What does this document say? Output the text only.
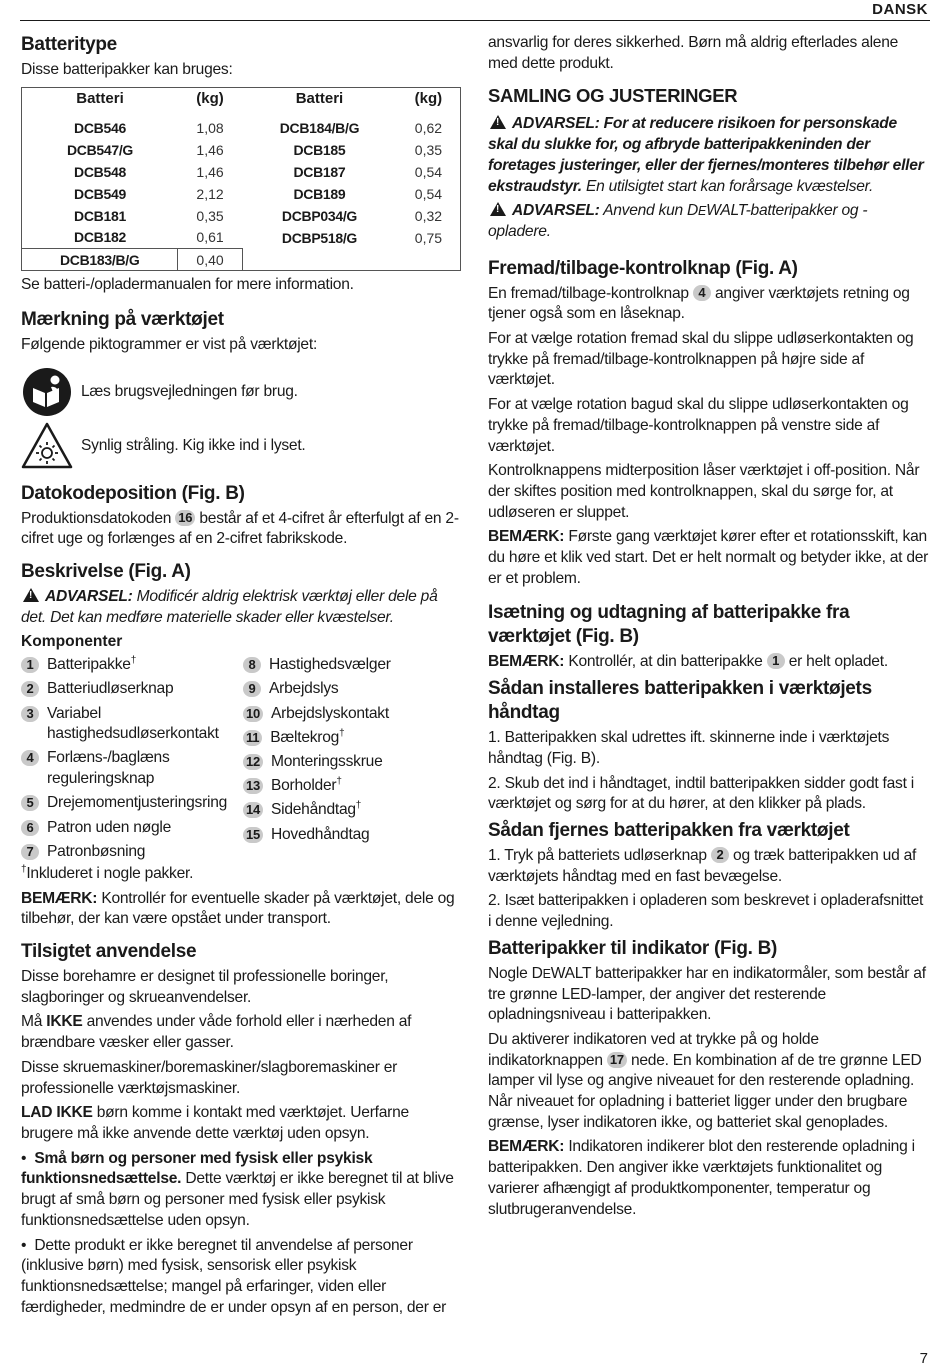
DANSK
Batteritype

Disse batteripakker kan bruges:

Batteri	(kg)	Batteri	(kg)
DCB546	1,08	DCB184/B/G	0,62
DCB547/G	1,46	DCB185	0,35
DCB548	1,46	DCB187	0,54
DCB549	2,12	DCB189	0,54
DCB181	0,35	DCBP034/G	0,32
DCB182	0,61	DCBP518/G	0,75
DCB183/B/G	0,40		

Se batteri-/opladermanualen for mere information.

Mærkning på værktøjet

Følgende piktogrammer er vist på værktøjet:

Læs brugsvejledningen før brug.
Synlig stråling. Kig ikke ind i lyset.
Datokodeposition (Fig. B)

Produktionsdatokoden 16 består af et 4-cifret år efterfulgt af en 2-cifret uge og forlænges af en 2-cifret fabrikskode.

Beskrivelse (Fig. A)

!ADVARSEL: Modificér aldrig elektrisk værktøj eller dele på det. Det kan medføre materielle skader eller kvæstelser.

Komponenter
1 Batteripakke†
2 Batteriudløserknap
3 Variabel hastighedsudløserkontakt
4 Forlæns-/baglæns reguleringsknap
5 Drejemomentjusteringsring
6 Patron uden nøgle
7 Patronbøsning
8 Hastighedsvælger
9 Arbejdslys
10 Arbejdslyskontakt
11 Bæltekrog†
12 Monteringsskrue
13 Borholder†
14 Sidehåndtag†
15 Hovedhåndtag

†Inkluderet i nogle pakker.

BEMÆRK: Kontrollér for eventuelle skader på værktøjet, dele og tilbehør, der kan være opstået under transport.

Tilsigtet anvendelse

Disse borehamre er designet til professionelle boringer, slagboringer og skrueanvendelser.

Må IKKE anvendes under våde forhold eller i nærheden af brændbare væsker eller gasser.

Disse skruemaskiner/boremaskiner/slagboremaskiner er professionelle værktøjsmaskiner.

LAD IKKE børn komme i kontakt med værktøjet. Uerfarne brugere må ikke anvende dette værktøj uden opsyn.

•  Små børn og personer med fysisk eller psykisk funktionsnedsættelse. Dette værktøj er ikke beregnet til at blive brugt af små børn og personer med fysisk eller psykisk funktionsnedsættelse uden opsyn.

•  Dette produkt er ikke beregnet til anvendelse af personer (inklusive børn) med fysisk, sensorisk eller psykisk funktionsnedsættelse; mangel på erfaringer, viden eller færdigheder, medmindre de er under opsyn af en person, der er

ansvarlig for deres sikkerhed. Børn må aldrig efterlades alene med dette produkt.

SAMLING OG JUSTERINGER

!ADVARSEL: For at reducere risikoen for personskade skal du slukke for, og afbryde batteripakkeninden der foretages justeringer, eller der fjernes/monteres tilbehør eller ekstraudstyr. En utilsigtet start kan forårsage kvæstelser.

!ADVARSEL: Anvend kun DEWALT-batteripakker og -opladere.

Fremad/tilbage-kontrolknap (Fig. A)

En fremad/tilbage-kontrolknap 4 angiver værktøjets retning og tjener også som en låseknap.

For at vælge rotation fremad skal du slippe udløserkontakten og trykke på fremad/tilbage-kontrolknappen på højre side af værktøjet.

For at vælge rotation bagud skal du slippe udløserkontakten og trykke på fremad/tilbage-kontrolknappen på venstre side af værktøjet.

Kontrolknappens midterposition låser værktøjet i off-position. Når der skiftes position med kontrolknappen, skal du sørge for, at udløseren er sluppet.

BEMÆRK: Første gang værktøjet kører efter et rotationsskift, kan du høre et klik ved start. Det er helt normalt og betyder ikke, at der er et problem.

Isætning og udtagning af batteripakke fra værktøjet (Fig. B)

BEMÆRK: Kontrollér, at din batteripakke 1 er helt opladet.

Sådan installeres batteripakken i værktøjets håndtag

1. Batteripakken skal udrettes ift. skinnerne inde i værktøjets håndtag (Fig. B).

2. Skub det ind i håndtaget, indtil batteripakken sidder godt fast i værktøjet og sørg for at du hører, at den klikker på plads.

Sådan fjernes batteripakken fra værktøjet

1. Tryk på batteriets udløserknap 2 og træk batteripakken ud af værktøjets håndtag med en fast bevægelse.

2. Isæt batteripakken i opladeren som beskrevet i opladerafsnittet i denne vejledning.

Batteripakker til indikator (Fig. B)

Nogle DEWALT batteripakker har en indikatormåler, som består af tre grønne LED-lamper, der angiver det resterende opladningsniveau i batteripakken.

Du aktiverer indikatoren ved at trykke på og holde indikatorknappen 17 nede. En kombination af de tre grønne LED lamper vil lyse og angive niveauet for den resterende opladning. Når niveauet for opladning i batteriet ligger under den brugbare grænse, lyser indikatoren ikke, og batteriet skal genoplades.

BEMÆRK: Indikatoren indikerer blot den resterende opladning i batteripakken. Den angiver ikke værktøjets funktionalitet og varierer afhængigt af produktkomponenter, temperatur og slutbrugeranvendelse.

7
